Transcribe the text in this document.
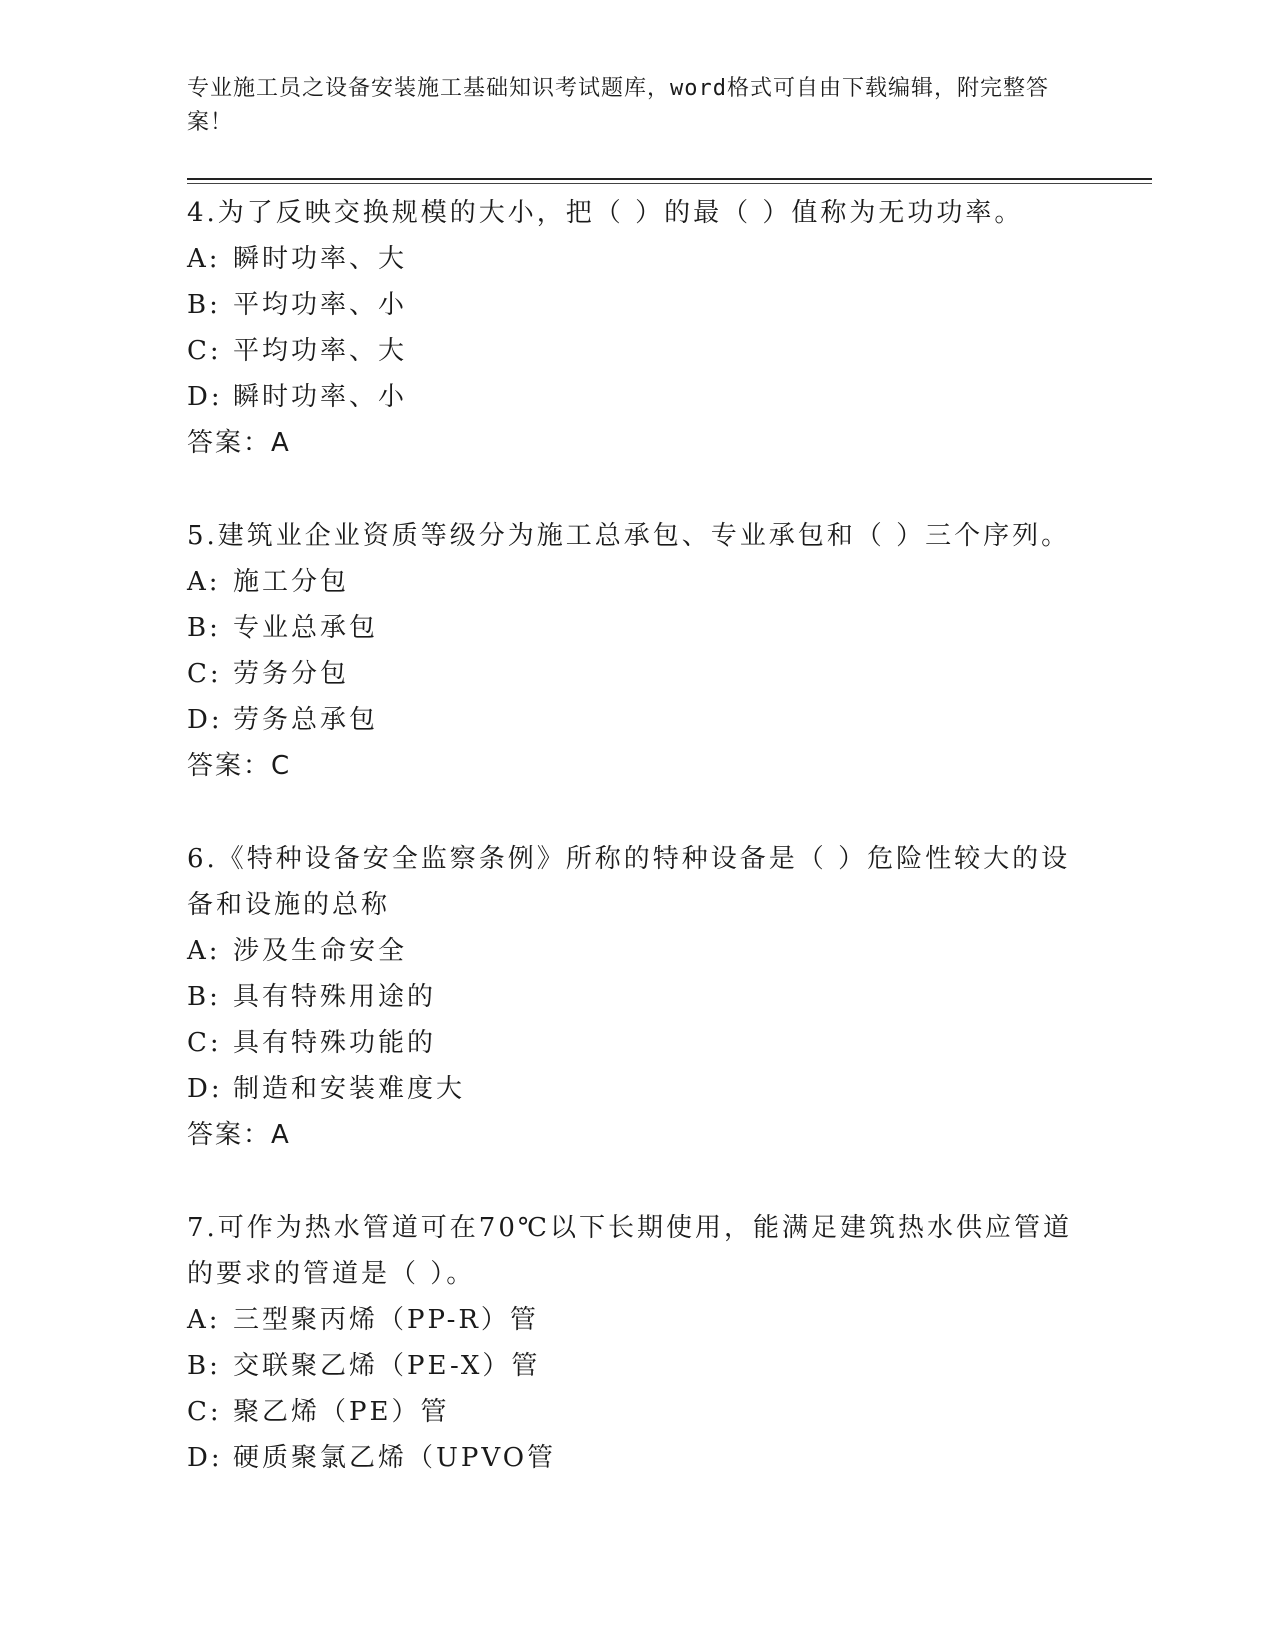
专业施工员之设备安装施工基础知识考试题库，word格式可自由下载编辑，附完整答案！
4.为了反映交换规模的大小，把（ ）的最（ ）值称为无功功率。
A: 瞬时功率、大
B: 平均功率、小
C: 平均功率、大
D: 瞬时功率、小
答案：A
5.建筑业企业资质等级分为施工总承包、专业承包和（ ）三个序列。
A: 施工分包
B: 专业总承包
C: 劳务分包
D: 劳务总承包
答案：C
6.《特种设备安全监察条例》所称的特种设备是（ ）危险性较大的设备和设施的总称
A: 涉及生命安全
B: 具有特殊用途的
C: 具有特殊功能的
D: 制造和安装难度大
答案：A
7.可作为热水管道可在70℃以下长期使用，能满足建筑热水供应管道的要求的管道是（ ）。
A: 三型聚丙烯（PP-R）管
B: 交联聚乙烯（PE-X）管
C: 聚乙烯（PE）管
D: 硬质聚氯乙烯（UPVO管
